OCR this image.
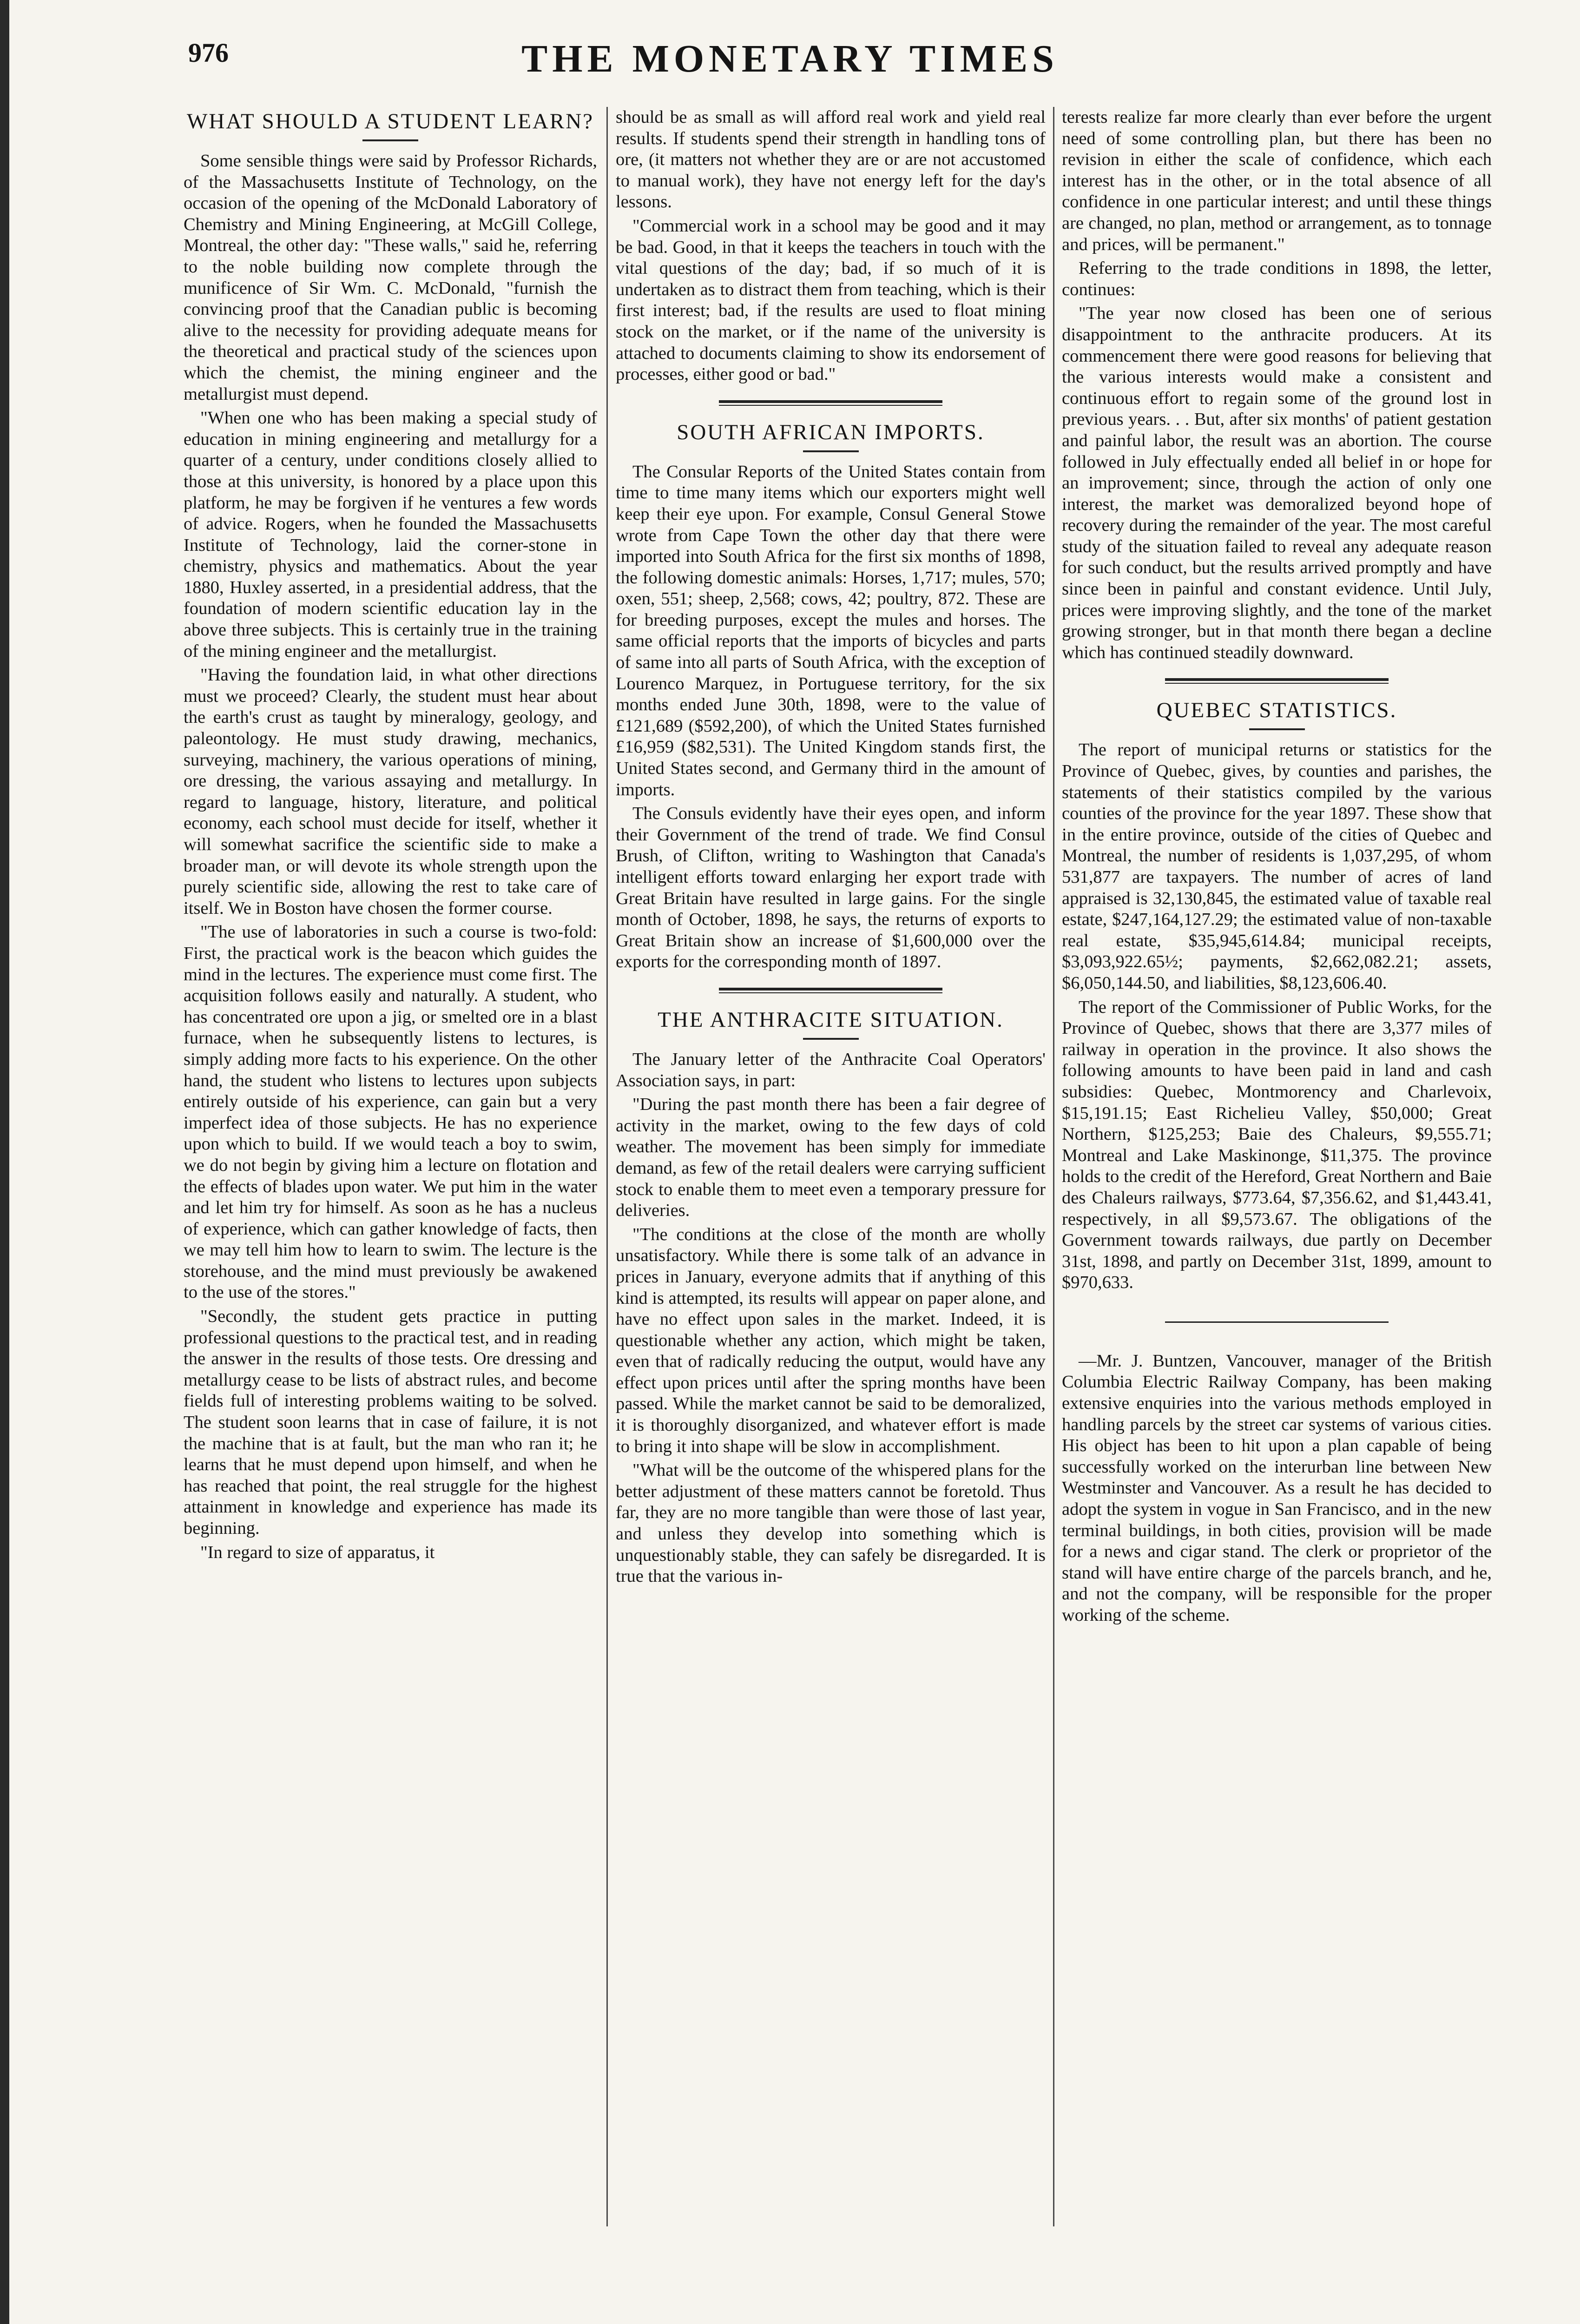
976	THE MONETARY TIMES
WHAT SHOULD A STUDENT LEARN?

Some sensible things were said by Professor Richards, of the Massachusetts Institute of Technology, on the occasion of the opening of the McDonald Laboratory of Chemistry and Mining Engineering, at McGill College, Montreal, the other day: "These walls," said he, referring to the noble building now complete through the munificence of Sir Wm. C. McDonald, "furnish the convincing proof that the Canadian public is becoming alive to the necessity for providing adequate means for the theoretical and practical study of the sciences upon which the chemist, the mining engineer and the metallurgist must depend.

"When one who has been making a special study of education in mining engineering and metallurgy for a quarter of a century, under conditions closely allied to those at this university, is honored by a place upon this platform, he may be forgiven if he ventures a few words of advice. Rogers, when he founded the Massachusetts Institute of Technology, laid the corner-stone in chemistry, physics and mathematics. About the year 1880, Huxley asserted, in a presidential address, that the foundation of modern scientific education lay in the above three subjects. This is certainly true in the training of the mining engineer and the metallurgist.

"Having the foundation laid, in what other directions must we proceed? Clearly, the student must hear about the earth's crust as taught by mineralogy, geology, and paleontology. He must study drawing, mechanics, surveying, machinery, the various operations of mining, ore dressing, the various assaying and metallurgy. In regard to language, history, literature, and political economy, each school must decide for itself, whether it will somewhat sacrifice the scientific side to make a broader man, or will devote its whole strength upon the purely scientific side, allowing the rest to take care of itself. We in Boston have chosen the former course.

"The use of laboratories in such a course is two-fold: First, the practical work is the beacon which guides the mind in the lectures. The experience must come first. The acquisition follows easily and naturally. A student, who has concentrated ore upon a jig, or smelted ore in a blast furnace, when he subsequently listens to lectures, is simply adding more facts to his experience. On the other hand, the student who listens to lectures upon subjects entirely outside of his experience, can gain but a very imperfect idea of those subjects. He has no experience upon which to build. If we would teach a boy to swim, we do not begin by giving him a lecture on flotation and the effects of blades upon water. We put him in the water and let him try for himself. As soon as he has a nucleus of experience, which can gather knowledge of facts, then we may tell him how to learn to swim. The lecture is the storehouse, and the mind must previously be awakened to the use of the stores."

"Secondly, the student gets practice in putting professional questions to the practical test, and in reading the answer in the results of those tests. Ore dressing and metallurgy cease to be lists of abstract rules, and become fields full of interesting problems waiting to be solved. The student soon learns that in case of failure, it is not the machine that is at fault, but the man who ran it; he learns that he must depend upon himself, and when he has reached that point, the real struggle for the highest attainment in knowledge and experience has made its beginning.

"In regard to size of apparatus, it

should be as small as will afford real work and yield real results. If students spend their strength in handling tons of ore, (it matters not whether they are or are not accustomed to manual work), they have not energy left for the day's lessons.

"Commercial work in a school may be good and it may be bad. Good, in that it keeps the teachers in touch with the vital questions of the day; bad, if so much of it is undertaken as to distract them from teaching, which is their first interest; bad, if the results are used to float mining stock on the market, or if the name of the university is attached to documents claiming to show its endorsement of processes, either good or bad."

SOUTH AFRICAN IMPORTS.

The Consular Reports of the United States contain from time to time many items which our exporters might well keep their eye upon. For example, Consul General Stowe wrote from Cape Town the other day that there were imported into South Africa for the first six months of 1898, the following domestic animals: Horses, 1,717; mules, 570; oxen, 551; sheep, 2,568; cows, 42; poultry, 872. These are for breeding purposes, except the mules and horses. The same official reports that the imports of bicycles and parts of same into all parts of South Africa, with the exception of Lourenco Marquez, in Portuguese territory, for the six months ended June 30th, 1898, were to the value of £121,689 ($592,200), of which the United States furnished £16,959 ($82,531). The United Kingdom stands first, the United States second, and Germany third in the amount of imports.

The Consuls evidently have their eyes open, and inform their Government of the trend of trade. We find Consul Brush, of Clifton, writing to Washington that Canada's intelligent efforts toward enlarging her export trade with Great Britain have resulted in large gains. For the single month of October, 1898, he says, the returns of exports to Great Britain show an increase of $1,600,000 over the exports for the corresponding month of 1897.

THE ANTHRACITE SITUATION.

The January letter of the Anthracite Coal Operators' Association says, in part:

"During the past month there has been a fair degree of activity in the market, owing to the few days of cold weather. The movement has been simply for immediate demand, as few of the retail dealers were carrying sufficient stock to enable them to meet even a temporary pressure for deliveries.

"The conditions at the close of the month are wholly unsatisfactory. While there is some talk of an advance in prices in January, everyone admits that if anything of this kind is attempted, its results will appear on paper alone, and have no effect upon sales in the market. Indeed, it is questionable whether any action, which might be taken, even that of radically reducing the output, would have any effect upon prices until after the spring months have been passed. While the market cannot be said to be demoralized, it is thoroughly disorganized, and whatever effort is made to bring it into shape will be slow in accomplishment.

"What will be the outcome of the whispered plans for the better adjustment of these matters cannot be foretold. Thus far, they are no more tangible than were those of last year, and unless they develop into something which is unquestionably stable, they can safely be disregarded. It is true that the various in-

terests realize far more clearly than ever before the urgent need of some controlling plan, but there has been no revision in either the scale of confidence, which each interest has in the other, or in the total absence of all confidence in one particular interest; and until these things are changed, no plan, method or arrangement, as to tonnage and prices, will be permanent."

Referring to the trade conditions in 1898, the letter, continues:

"The year now closed has been one of serious disappointment to the anthracite producers. At its commencement there were good reasons for believing that the various interests would make a consistent and continuous effort to regain some of the ground lost in previous years. . . But, after six months' of patient gestation and painful labor, the result was an abortion. The course followed in July effectually ended all belief in or hope for an improvement; since, through the action of only one interest, the market was demoralized beyond hope of recovery during the remainder of the year. The most careful study of the situation failed to reveal any adequate reason for such conduct, but the results arrived promptly and have since been in painful and constant evidence. Until July, prices were improving slightly, and the tone of the market growing stronger, but in that month there began a decline which has continued steadily downward.

QUEBEC STATISTICS.

The report of municipal returns or statistics for the Province of Quebec, gives, by counties and parishes, the statements of their statistics compiled by the various counties of the province for the year 1897. These show that in the entire province, outside of the cities of Quebec and Montreal, the number of residents is 1,037,295, of whom 531,877 are taxpayers. The number of acres of land appraised is 32,130,845, the estimated value of taxable real estate, $247,164,127.29; the estimated value of non-taxable real estate, $35,945,614.84; municipal receipts, $3,093,922.65½; payments, $2,662,082.21; assets, $6,050,144.50, and liabilities, $8,123,606.40.

The report of the Commissioner of Public Works, for the Province of Quebec, shows that there are 3,377 miles of railway in operation in the province. It also shows the following amounts to have been paid in land and cash subsidies: Quebec, Montmorency and Charlevoix, $15,191.15; East Richelieu Valley, $50,000; Great Northern, $125,253; Baie des Chaleurs, $9,555.71; Montreal and Lake Maskinonge, $11,375. The province holds to the credit of the Hereford, Great Northern and Baie des Chaleurs railways, $773.64, $7,356.62, and $1,443.41, respectively, in all $9,573.67. The obligations of the Government towards railways, due partly on December 31st, 1898, and partly on December 31st, 1899, amount to $970,633.

—Mr. J. Buntzen, Vancouver, manager of the British Columbia Electric Railway Company, has been making extensive enquiries into the various methods employed in handling parcels by the street car systems of various cities. His object has been to hit upon a plan capable of being successfully worked on the interurban line between New Westminster and Vancouver. As a result he has decided to adopt the system in vogue in San Francisco, and in the new terminal buildings, in both cities, provision will be made for a news and cigar stand. The clerk or proprietor of the stand will have entire charge of the parcels branch, and he, and not the company, will be responsible for the proper working of the scheme.
